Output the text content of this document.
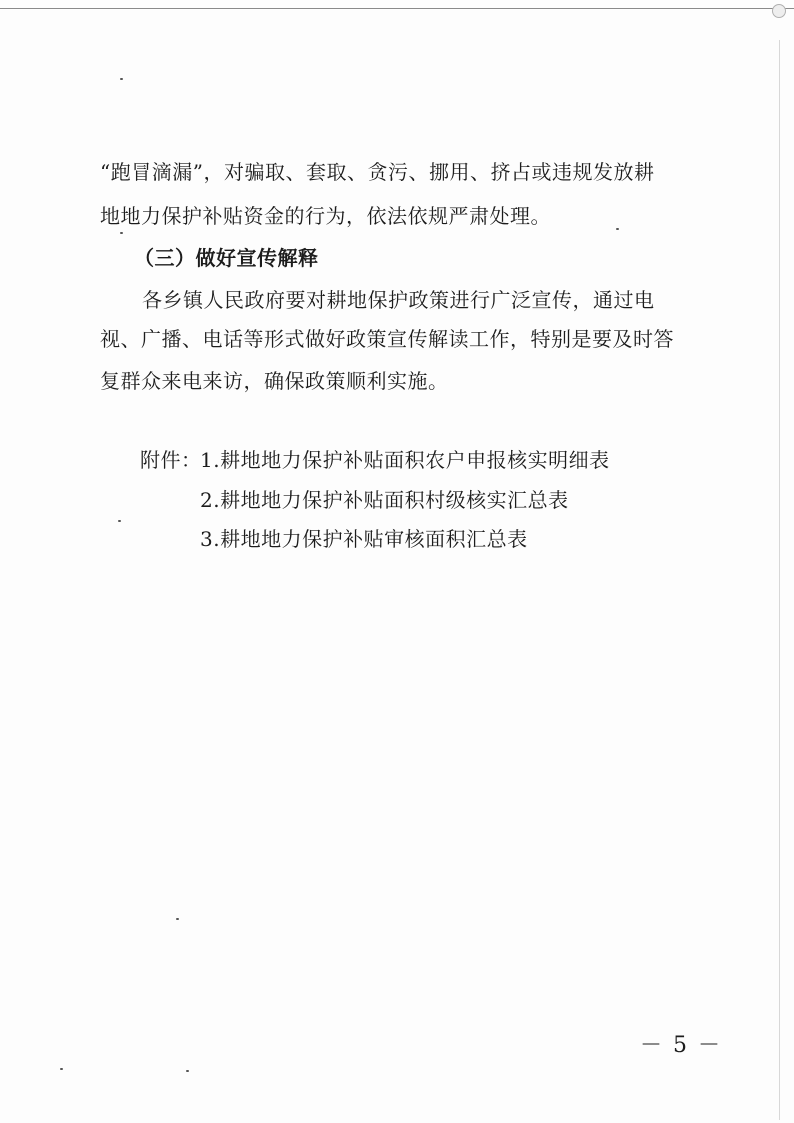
“跑冒滴漏”，对骗取、套取、贪污、挪用、挤占或违规发放耕
地地力保护补贴资金的行为，依法依规严肃处理。
（三）做好宣传解释
各乡镇人民政府要对耕地保护政策进行广泛宣传，通过电
视、广播、电话等形式做好政策宣传解读工作，特别是要及时答
复群众来电来访，确保政策顺利实施。
附件：
1.耕地地力保护补贴面积农户申报核实明细表
2.耕地地力保护补贴面积村级核实汇总表
3.耕地地力保护补贴审核面积汇总表
－ 5 －
